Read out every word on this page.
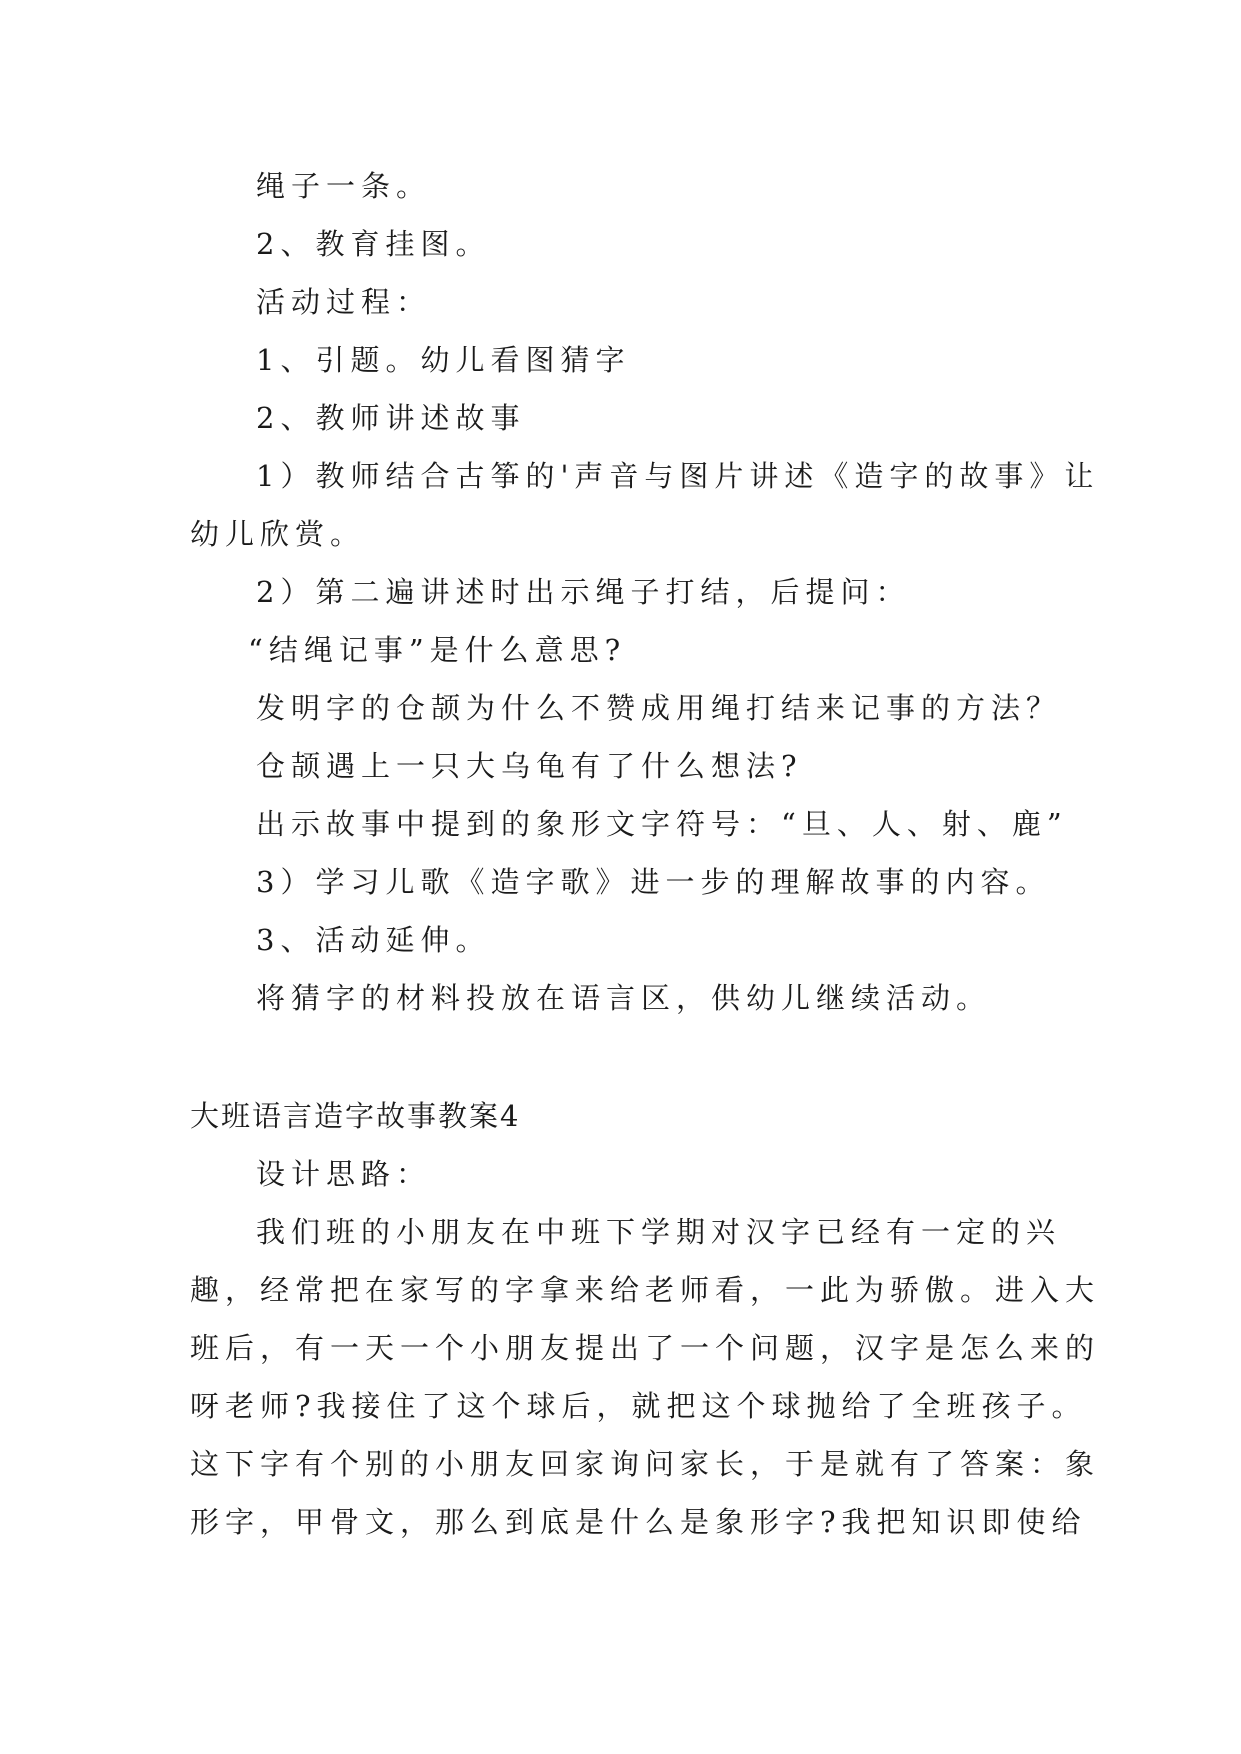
绳子一条。
2、教育挂图。
活动过程：
1、引题。幼儿看图猜字
2、教师讲述故事
1）教师结合古筝的'声音与图片讲述《造字的故事》让
幼儿欣赏。
2）第二遍讲述时出示绳子打结，后提问：
“结绳记事”是什么意思?
发明字的仓颉为什么不赞成用绳打结来记事的方法？
仓颉遇上一只大乌龟有了什么想法?
出示故事中提到的象形文字符号：“旦、人、射、鹿”
3）学习儿歌《造字歌》进一步的理解故事的内容。
3、活动延伸。
将猜字的材料投放在语言区，供幼儿继续活动。
大班语言造字故事教案4
设计思路：
我们班的小朋友在中班下学期对汉字已经有一定的兴
趣，经常把在家写的字拿来给老师看，一此为骄傲。进入大
班后，有一天一个小朋友提出了一个问题，汉字是怎么来的
呀老师?我接住了这个球后，就把这个球抛给了全班孩子。
这下字有个别的小朋友回家询问家长，于是就有了答案：象
形字，甲骨文，那么到底是什么是象形字?我把知识即使给
